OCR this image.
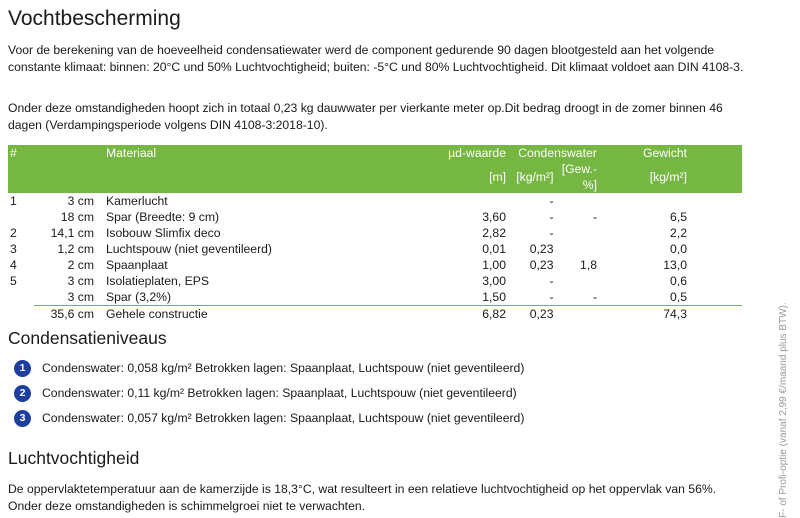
Vochtbescherming

Voor de berekening van de hoeveelheid condensatiewater werd de component gedurende 90 dagen blootgesteld aan het volgende constante klimaat: binnen: 20°C und 50% Luchtvochtigheid; buiten: -5°C und 80% Luchtvochtigheid. Dit klimaat voldoet aan DIN 4108-3.

Onder deze omstandigheden hoopt zich in totaal 0,23 kg dauwwater per vierkante meter op.Dit bedrag droogt in de zomer binnen 46 dagen (Verdampingsperiode volgens DIN 4108-3:2018-10).

#		Materiaal	µd-waarde	Condenswater		Gewicht
			[m]	[kg/m²]	[Gew.-%]	[kg/m²]
1	3 cm	Kamerlucht		-		
	18 cm	Spar (Breedte: 9 cm)	3,60	-	-	6,5
2	14,1 cm	Isobouw Slimfix deco	2,82	-		2,2
3	1,2 cm	Luchtspouw (niet geventileerd)	0,01	0,23		0,0
4	2 cm	Spaanplaat	1,00	0,23	1,8	13,0
5	3 cm	Isolatieplaten, EPS	3,00	-		0,6
	3 cm	Spar (3,2%)	1,50	-	-	0,5
	35,6 cm	Gehele constructie	6,82	0,23		74,3
Condensatieniveaus
1	Condenswater: 0,058 kg/m² Betrokken lagen: Spaanplaat, Luchtspouw (niet geventileerd)
2	Condenswater: 0,11 kg/m² Betrokken lagen: Spaanplaat, Luchtspouw (niet geventileerd)
3	Condenswater: 0,057 kg/m² Betrokken lagen: Spaanplaat, Luchtspouw (niet geventileerd)
Luchtvochtigheid

De oppervlaktetemperatuur aan de kamerzijde is 18,3°C, wat resulteert in een relatieve luchtvochtigheid op het oppervlak van 56%. Onder deze omstandigheden is schimmelgroei niet te verwachten.	F- of Profi-optie (vanaf 2,99 €/maand plus BTW).
